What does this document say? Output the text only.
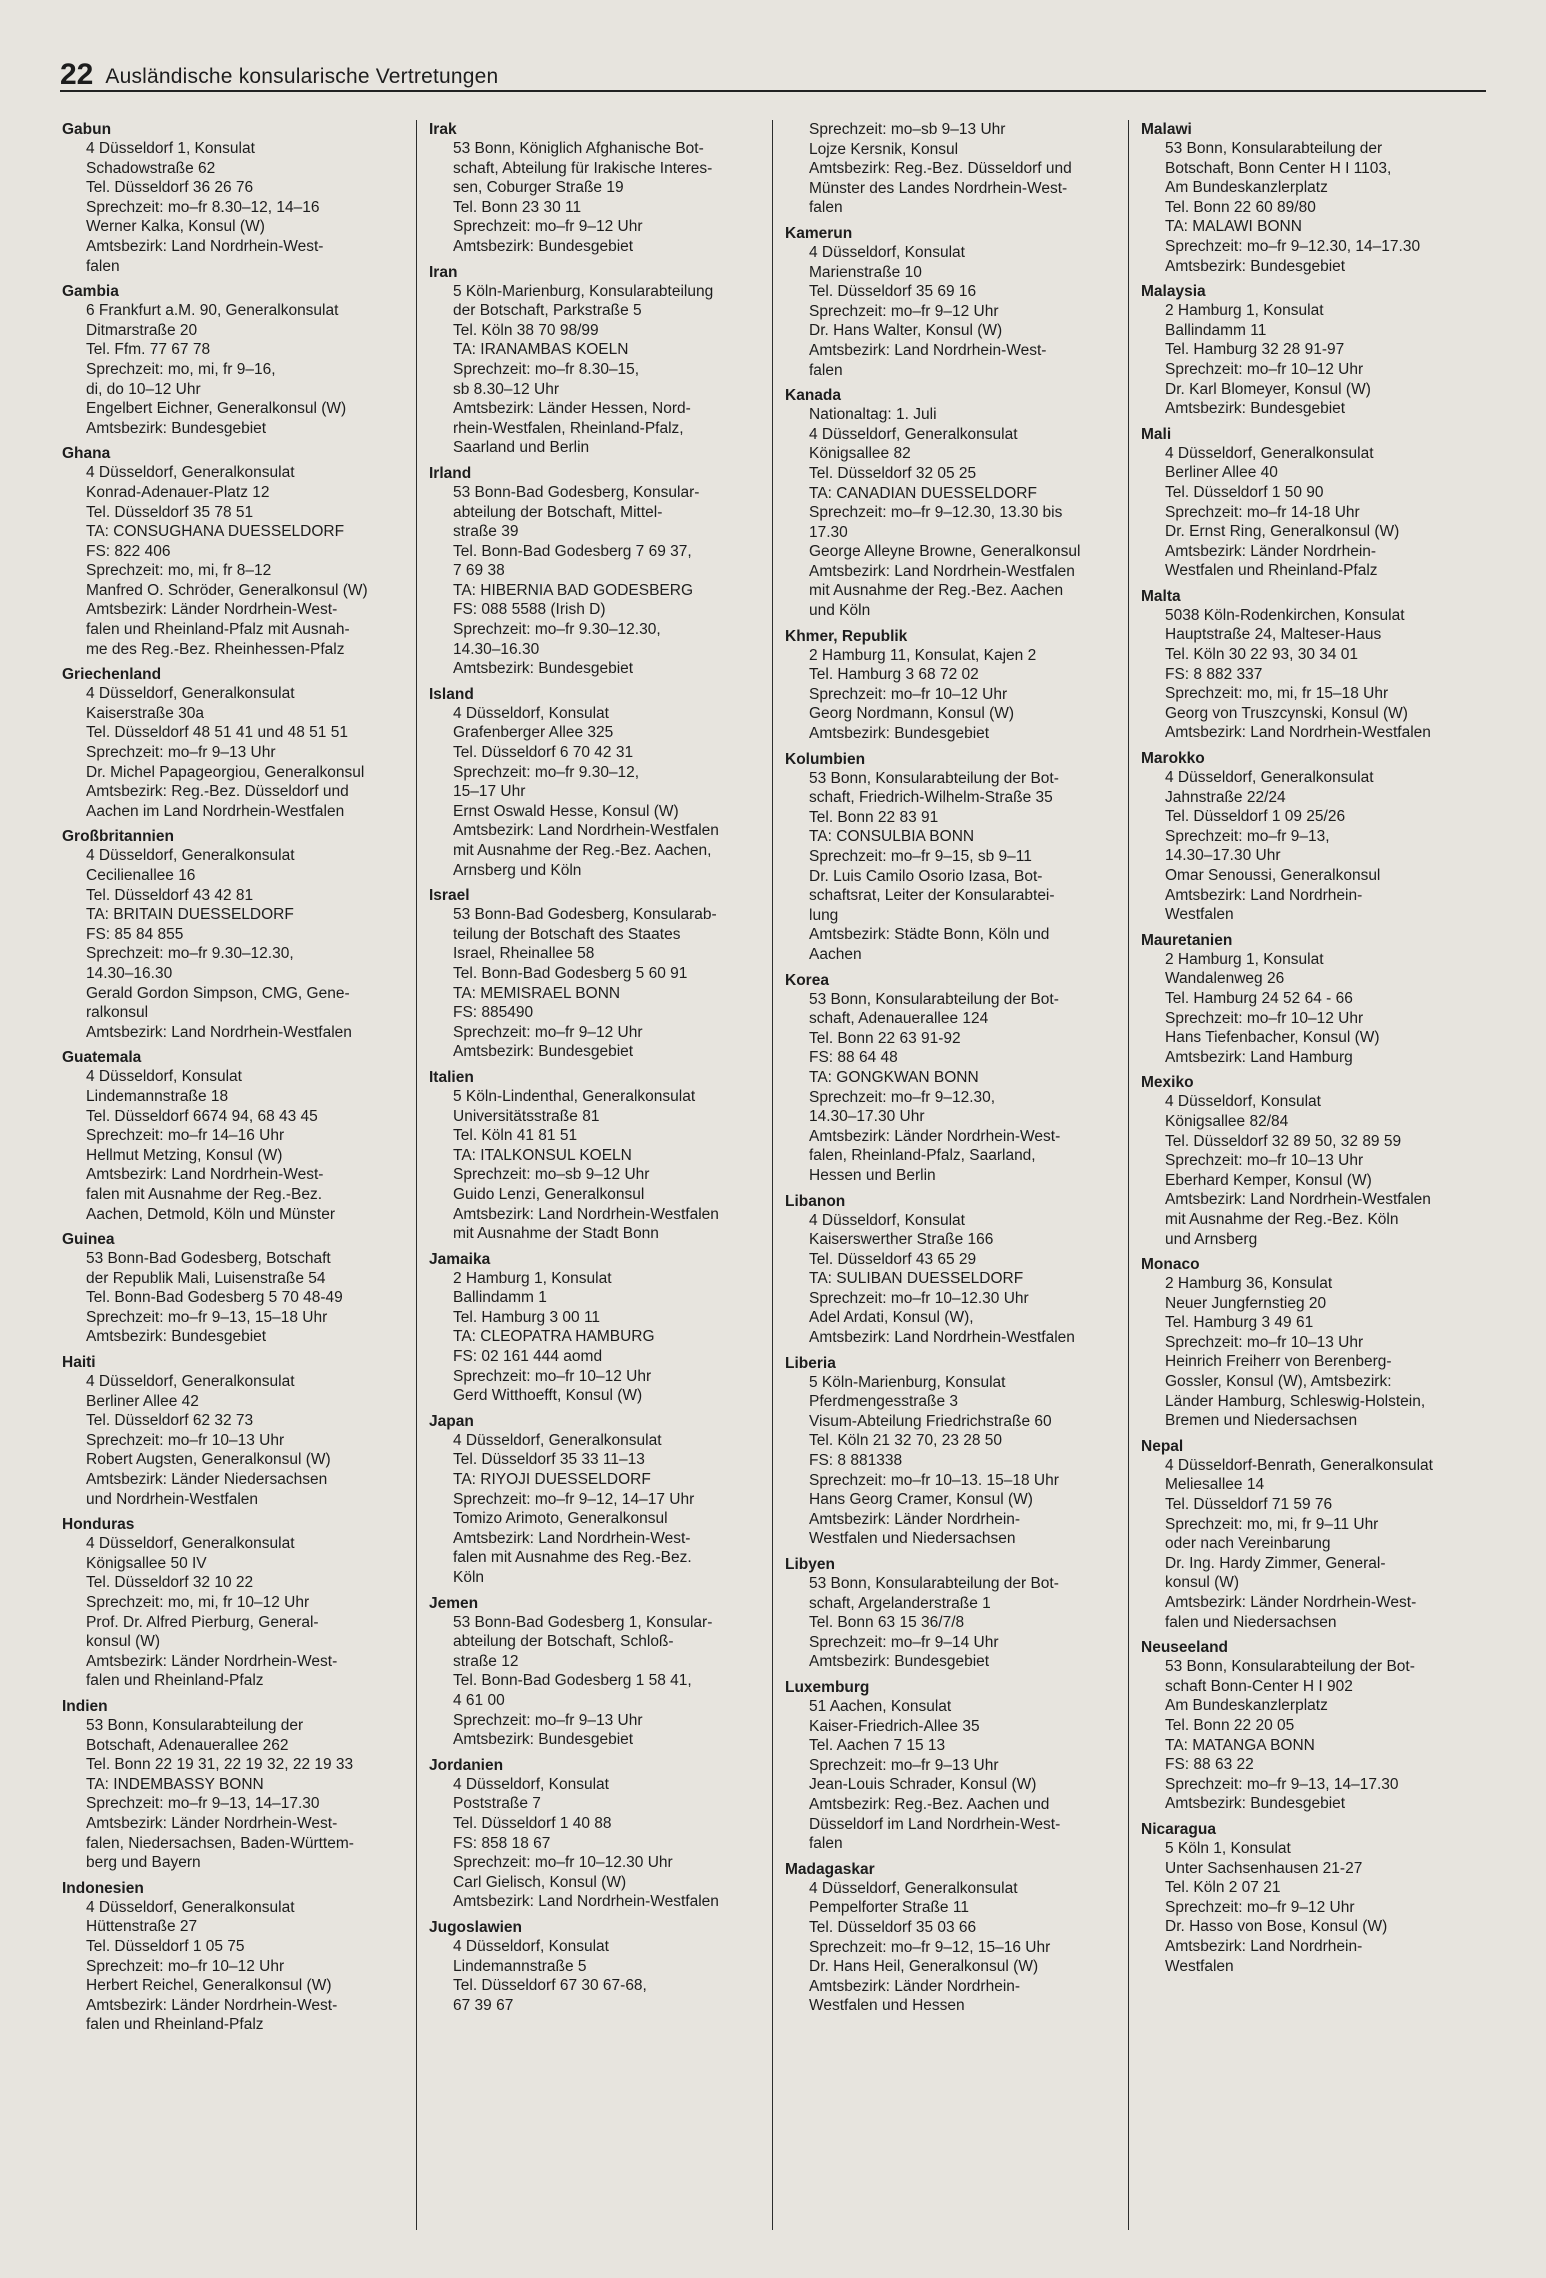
22 Ausländische konsularische Vertretungen
Gabun
4 Düsseldorf 1, Konsulat
Schadowstraße 62
Tel. Düsseldorf 36 26 76
Sprechzeit: mo–fr 8.30–12, 14–16
Werner Kalka, Konsul (W)
Amtsbezirk: Land Nordrhein-West-
falen
Gambia
6 Frankfurt a.M. 90, Generalkonsulat
Ditmarstraße 20
Tel. Ffm. 77 67 78
Sprechzeit: mo, mi, fr 9–16,
di, do 10–12 Uhr
Engelbert Eichner, Generalkonsul (W)
Amtsbezirk: Bundesgebiet
Ghana
4 Düsseldorf, Generalkonsulat
Konrad-Adenauer-Platz 12
Tel. Düsseldorf 35 78 51
TA: CONSUGHANA DUESSELDORF
FS: 822 406
Sprechzeit: mo, mi, fr 8–12
Manfred O. Schröder, Generalkonsul (W)
Amtsbezirk: Länder Nordrhein-West-
falen und Rheinland-Pfalz mit Ausnah-
me des Reg.-Bez. Rheinhessen-Pfalz
Griechenland
4 Düsseldorf, Generalkonsulat
Kaiserstraße 30a
Tel. Düsseldorf 48 51 41 und 48 51 51
Sprechzeit: mo–fr 9–13 Uhr
Dr. Michel Papageorgiou, Generalkonsul
Amtsbezirk: Reg.-Bez. Düsseldorf und
Aachen im Land Nordrhein-Westfalen
Großbritannien
4 Düsseldorf, Generalkonsulat
Cecilienallee 16
Tel. Düsseldorf 43 42 81
TA: BRITAIN DUESSELDORF
FS: 85 84 855
Sprechzeit: mo–fr 9.30–12.30,
14.30–16.30
Gerald Gordon Simpson, CMG, Gene-
ralkonsul
Amtsbezirk: Land Nordrhein-Westfalen
Guatemala
4 Düsseldorf, Konsulat
Lindemannstraße 18
Tel. Düsseldorf 6674 94, 68 43 45
Sprechzeit: mo–fr 14–16 Uhr
Hellmut Metzing, Konsul (W)
Amtsbezirk: Land Nordrhein-West-
falen mit Ausnahme der Reg.-Bez.
Aachen, Detmold, Köln und Münster
Guinea
53 Bonn-Bad Godesberg, Botschaft
der Republik Mali, Luisenstraße 54
Tel. Bonn-Bad Godesberg 5 70 48-49
Sprechzeit: mo–fr 9–13, 15–18 Uhr
Amtsbezirk: Bundesgebiet
Haiti
4 Düsseldorf, Generalkonsulat
Berliner Allee 42
Tel. Düsseldorf 62 32 73
Sprechzeit: mo–fr 10–13 Uhr
Robert Augsten, Generalkonsul (W)
Amtsbezirk: Länder Niedersachsen
und Nordrhein-Westfalen
Honduras
4 Düsseldorf, Generalkonsulat
Königsallee 50 IV
Tel. Düsseldorf 32 10 22
Sprechzeit: mo, mi, fr 10–12 Uhr
Prof. Dr. Alfred Pierburg, General-
konsul (W)
Amtsbezirk: Länder Nordrhein-West-
falen und Rheinland-Pfalz
Indien
53 Bonn, Konsularabteilung der
Botschaft, Adenauerallee 262
Tel. Bonn 22 19 31, 22 19 32, 22 19 33
TA: INDEMBASSY BONN
Sprechzeit: mo–fr 9–13, 14–17.30
Amtsbezirk: Länder Nordrhein-West-
falen, Niedersachsen, Baden-Württem-
berg und Bayern
Indonesien
4 Düsseldorf, Generalkonsulat
Hüttenstraße 27
Tel. Düsseldorf 1 05 75
Sprechzeit: mo–fr 10–12 Uhr
Herbert Reichel, Generalkonsul (W)
Amtsbezirk: Länder Nordrhein-West-
falen und Rheinland-Pfalz
Irak
53 Bonn, Königlich Afghanische Bot-
schaft, Abteilung für Irakische Interes-
sen, Coburger Straße 19
Tel. Bonn 23 30 11
Sprechzeit: mo–fr 9–12 Uhr
Amtsbezirk: Bundesgebiet
Iran
5 Köln-Marienburg, Konsularabteilung
der Botschaft, Parkstraße 5
Tel. Köln 38 70 98/99
TA: IRANAMBAS KOELN
Sprechzeit: mo–fr 8.30–15,
sb 8.30–12 Uhr
Amtsbezirk: Länder Hessen, Nord-
rhein-Westfalen, Rheinland-Pfalz,
Saarland und Berlin
Irland
53 Bonn-Bad Godesberg, Konsular-
abteilung der Botschaft, Mittel-
straße 39
Tel. Bonn-Bad Godesberg 7 69 37,
7 69 38
TA: HIBERNIA BAD GODESBERG
FS: 088 5588 (Irish D)
Sprechzeit: mo–fr 9.30–12.30,
14.30–16.30
Amtsbezirk: Bundesgebiet
Island
4 Düsseldorf, Konsulat
Grafenberger Allee 325
Tel. Düsseldorf 6 70 42 31
Sprechzeit: mo–fr 9.30–12,
15–17 Uhr
Ernst Oswald Hesse, Konsul (W)
Amtsbezirk: Land Nordrhein-Westfalen
mit Ausnahme der Reg.-Bez. Aachen,
Arnsberg und Köln
Israel
53 Bonn-Bad Godesberg, Konsularab-
teilung der Botschaft des Staates
Israel, Rheinallee 58
Tel. Bonn-Bad Godesberg 5 60 91
TA: MEMISRAEL BONN
FS: 885490
Sprechzeit: mo–fr 9–12 Uhr
Amtsbezirk: Bundesgebiet
Italien
5 Köln-Lindenthal, Generalkonsulat
Universitätsstraße 81
Tel. Köln 41 81 51
TA: ITALKONSUL KOELN
Sprechzeit: mo–sb 9–12 Uhr
Guido Lenzi, Generalkonsul
Amtsbezirk: Land Nordrhein-Westfalen
mit Ausnahme der Stadt Bonn
Jamaika
2 Hamburg 1, Konsulat
Ballindamm 1
Tel. Hamburg 3 00 11
TA: CLEOPATRA HAMBURG
FS: 02 161 444 aomd
Sprechzeit: mo–fr 10–12 Uhr
Gerd Witthoefft, Konsul (W)
Japan
4 Düsseldorf, Generalkonsulat
Tel. Düsseldorf 35 33 11–13
TA: RIYOJI DUESSELDORF
Sprechzeit: mo–fr 9–12, 14–17 Uhr
Tomizo Arimoto, Generalkonsul
Amtsbezirk: Land Nordrhein-West-
falen mit Ausnahme des Reg.-Bez.
Köln
Jemen
53 Bonn-Bad Godesberg 1, Konsular-
abteilung der Botschaft, Schloß-
straße 12
Tel. Bonn-Bad Godesberg 1 58 41,
4 61 00
Sprechzeit: mo–fr 9–13 Uhr
Amtsbezirk: Bundesgebiet
Jordanien
4 Düsseldorf, Konsulat
Poststraße 7
Tel. Düsseldorf 1 40 88
FS: 858 18 67
Sprechzeit: mo–fr 10–12.30 Uhr
Carl Gielisch, Konsul (W)
Amtsbezirk: Land Nordrhein-Westfalen
Jugoslawien
4 Düsseldorf, Konsulat
Lindemannstraße 5
Tel. Düsseldorf 67 30 67-68,
67 39 67
Sprechzeit: mo–sb 9–13 Uhr
Lojze Kersnik, Konsul
Amtsbezirk: Reg.-Bez. Düsseldorf und
Münster des Landes Nordrhein-West-
falen
Kamerun
4 Düsseldorf, Konsulat
Marienstraße 10
Tel. Düsseldorf 35 69 16
Sprechzeit: mo–fr 9–12 Uhr
Dr. Hans Walter, Konsul (W)
Amtsbezirk: Land Nordrhein-West-
falen
Kanada
Nationaltag: 1. Juli
4 Düsseldorf, Generalkonsulat
Königsallee 82
Tel. Düsseldorf 32 05 25
TA: CANADIAN DUESSELDORF
Sprechzeit: mo–fr 9–12.30, 13.30 bis
17.30
George Alleyne Browne, Generalkonsul
Amtsbezirk: Land Nordrhein-Westfalen
mit Ausnahme der Reg.-Bez. Aachen
und Köln
Khmer, Republik
2 Hamburg 11, Konsulat, Kajen 2
Tel. Hamburg 3 68 72 02
Sprechzeit: mo–fr 10–12 Uhr
Georg Nordmann, Konsul (W)
Amtsbezirk: Bundesgebiet
Kolumbien
53 Bonn, Konsularabteilung der Bot-
schaft, Friedrich-Wilhelm-Straße 35
Tel. Bonn 22 83 91
TA: CONSULBIA BONN
Sprechzeit: mo–fr 9–15, sb 9–11
Dr. Luis Camilo Osorio Izasa, Bot-
schaftsrat, Leiter der Konsularabtei-
lung
Amtsbezirk: Städte Bonn, Köln und
Aachen
Korea
53 Bonn, Konsularabteilung der Bot-
schaft, Adenauerallee 124
Tel. Bonn 22 63 91-92
FS: 88 64 48
TA: GONGKWAN BONN
Sprechzeit: mo–fr 9–12.30,
14.30–17.30 Uhr
Amtsbezirk: Länder Nordrhein-West-
falen, Rheinland-Pfalz, Saarland,
Hessen und Berlin
Libanon
4 Düsseldorf, Konsulat
Kaiserswerther Straße 166
Tel. Düsseldorf 43 65 29
TA: SULIBAN DUESSELDORF
Sprechzeit: mo–fr 10–12.30 Uhr
Adel Ardati, Konsul (W),
Amtsbezirk: Land Nordrhein-Westfalen
Liberia
5 Köln-Marienburg, Konsulat
Pferdmengesstraße 3
Visum-Abteilung Friedrichstraße 60
Tel. Köln 21 32 70, 23 28 50
FS: 8 881338
Sprechzeit: mo–fr 10–13. 15–18 Uhr
Hans Georg Cramer, Konsul (W)
Amtsbezirk: Länder Nordrhein-
Westfalen und Niedersachsen
Libyen
53 Bonn, Konsularabteilung der Bot-
schaft, Argelanderstraße 1
Tel. Bonn 63 15 36/7/8
Sprechzeit: mo–fr 9–14 Uhr
Amtsbezirk: Bundesgebiet
Luxemburg
51 Aachen, Konsulat
Kaiser-Friedrich-Allee 35
Tel. Aachen 7 15 13
Sprechzeit: mo–fr 9–13 Uhr
Jean-Louis Schrader, Konsul (W)
Amtsbezirk: Reg.-Bez. Aachen und
Düsseldorf im Land Nordrhein-West-
falen
Madagaskar
4 Düsseldorf, Generalkonsulat
Pempelforter Straße 11
Tel. Düsseldorf 35 03 66
Sprechzeit: mo–fr 9–12, 15–16 Uhr
Dr. Hans Heil, Generalkonsul (W)
Amtsbezirk: Länder Nordrhein-
Westfalen und Hessen
Malawi
53 Bonn, Konsularabteilung der
Botschaft, Bonn Center H I 1103,
Am Bundeskanzlerplatz
Tel. Bonn 22 60 89/80
TA: MALAWI BONN
Sprechzeit: mo–fr 9–12.30, 14–17.30
Amtsbezirk: Bundesgebiet
Malaysia
2 Hamburg 1, Konsulat
Ballindamm 11
Tel. Hamburg 32 28 91-97
Sprechzeit: mo–fr 10–12 Uhr
Dr. Karl Blomeyer, Konsul (W)
Amtsbezirk: Bundesgebiet
Mali
4 Düsseldorf, Generalkonsulat
Berliner Allee 40
Tel. Düsseldorf 1 50 90
Sprechzeit: mo–fr 14-18 Uhr
Dr. Ernst Ring, Generalkonsul (W)
Amtsbezirk: Länder Nordrhein-
Westfalen und Rheinland-Pfalz
Malta
5038 Köln-Rodenkirchen, Konsulat
Hauptstraße 24, Malteser-Haus
Tel. Köln 30 22 93, 30 34 01
FS: 8 882 337
Sprechzeit: mo, mi, fr 15–18 Uhr
Georg von Truszcynski, Konsul (W)
Amtsbezirk: Land Nordrhein-Westfalen
Marokko
4 Düsseldorf, Generalkonsulat
Jahnstraße 22/24
Tel. Düsseldorf 1 09 25/26
Sprechzeit: mo–fr 9–13,
14.30–17.30 Uhr
Omar Senoussi, Generalkonsul
Amtsbezirk: Land Nordrhein-
Westfalen
Mauretanien
2 Hamburg 1, Konsulat
Wandalenweg 26
Tel. Hamburg 24 52 64 - 66
Sprechzeit: mo–fr 10–12 Uhr
Hans Tiefenbacher, Konsul (W)
Amtsbezirk: Land Hamburg
Mexiko
4 Düsseldorf, Konsulat
Königsallee 82/84
Tel. Düsseldorf 32 89 50, 32 89 59
Sprechzeit: mo–fr 10–13 Uhr
Eberhard Kemper, Konsul (W)
Amtsbezirk: Land Nordrhein-Westfalen
mit Ausnahme der Reg.-Bez. Köln
und Arnsberg
Monaco
2 Hamburg 36, Konsulat
Neuer Jungfernstieg 20
Tel. Hamburg 3 49 61
Sprechzeit: mo–fr 10–13 Uhr
Heinrich Freiherr von Berenberg-
Gossler, Konsul (W), Amtsbezirk:
Länder Hamburg, Schleswig-Holstein,
Bremen und Niedersachsen
Nepal
4 Düsseldorf-Benrath, Generalkonsulat
Meliesallee 14
Tel. Düsseldorf 71 59 76
Sprechzeit: mo, mi, fr 9–11 Uhr
oder nach Vereinbarung
Dr. Ing. Hardy Zimmer, General-
konsul (W)
Amtsbezirk: Länder Nordrhein-West-
falen und Niedersachsen
Neuseeland
53 Bonn, Konsularabteilung der Bot-
schaft Bonn-Center H I 902
Am Bundeskanzlerplatz
Tel. Bonn 22 20 05
TA: MATANGA BONN
FS: 88 63 22
Sprechzeit: mo–fr 9–13, 14–17.30
Amtsbezirk: Bundesgebiet
Nicaragua
5 Köln 1, Konsulat
Unter Sachsenhausen 21-27
Tel. Köln 2 07 21
Sprechzeit: mo–fr 9–12 Uhr
Dr. Hasso von Bose, Konsul (W)
Amtsbezirk: Land Nordrhein-
Westfalen
